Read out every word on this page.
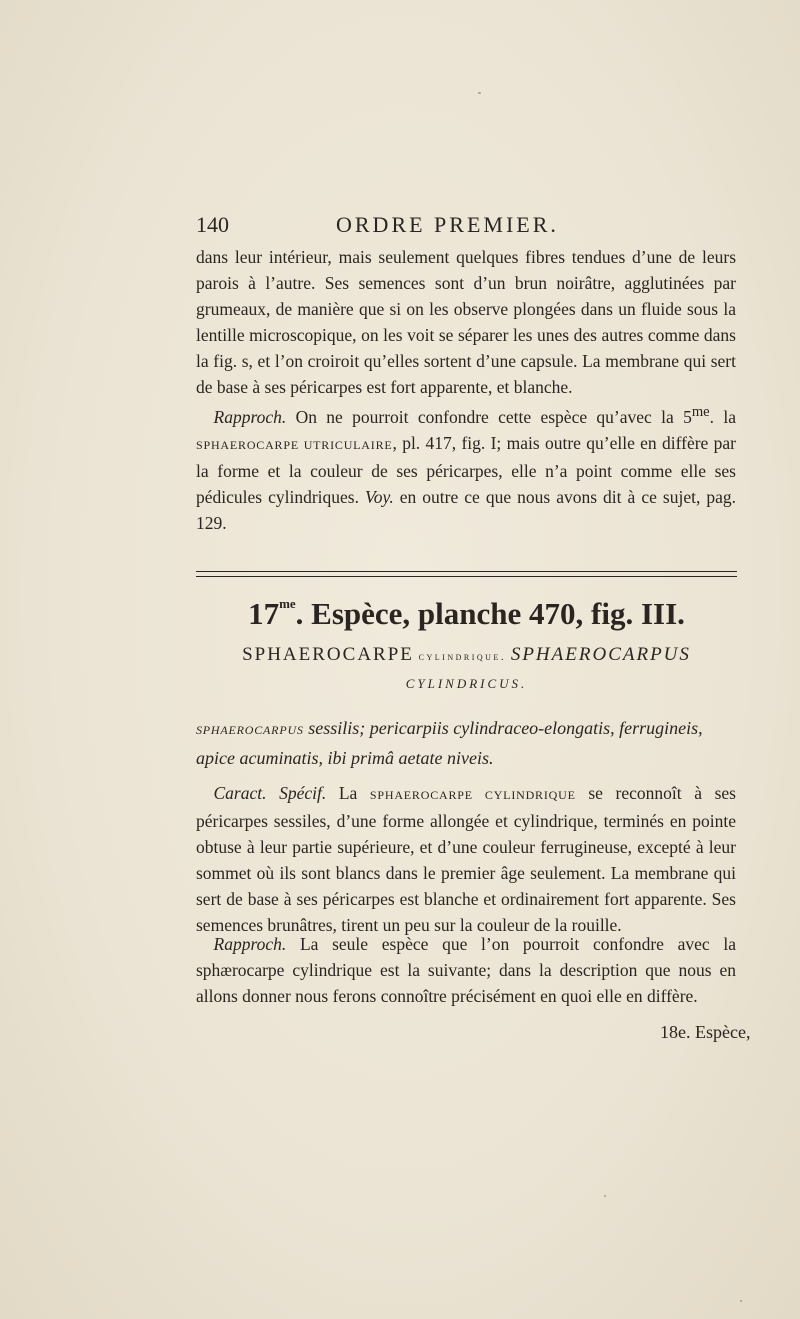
140	ORDRE PREMIER.

dans leur intérieur, mais seulement quelques fibres tendues d’une de leurs parois à l’autre. Ses semences sont d’un brun noirâtre, agglutinées par grumeaux, de manière que si on les observe plongées dans un fluide sous la lentille microscopique, on les voit se séparer les unes des autres comme dans la fig. s, et l’on croiroit qu’elles sortent d’une capsule. La membrane qui sert de base à ses péricarpes est fort apparente, et blanche.

 Rapproch. On ne pourroit confondre cette espèce qu’avec la $5^{me}$. la SPHAEROCARPE UTRICULAIRE, pl. 417, fig. I; mais outre qu’elle en diffère par la forme et la couleur de ses péricarpes, elle n’a point comme elle ses pédicules cylindriques. Voy. en outre ce que nous avons dit à ce sujet, pag. 129.

$17^{me}$. Espèce, planche 470, fig. III.

SPHAEROCARPE cylindrique. SPHAEROCARPUS

CYLINDRICUS.

SPHAEROCARPUS sessilis; pericarpiis cylindraceo-elongatis, ferrugineis, apice acuminatis, ibi primâ aetate niveis.

 Caract. Spécif. La SPHAEROCARPE CYLINDRIQUE se reconnoît à ses péricarpes sessiles, d’une forme allongée et cylindrique, terminés en pointe obtuse à leur partie supérieure, et d’une couleur ferrugineuse, excepté à leur sommet où ils sont blancs dans le premier âge seulement. La membrane qui sert de base à ses péricarpes est blanche et ordinairement fort apparente. Ses semences brunâtres, tirent un peu sur la couleur de la rouille.

 Rapproch. La seule espèce que l’on pourroit confondre avec la sphærocarpe cylindrique est la suivante; dans la description que nous en allons donner nous ferons connoître précisément en quoi elle en diffère.

18e. Espèce,
